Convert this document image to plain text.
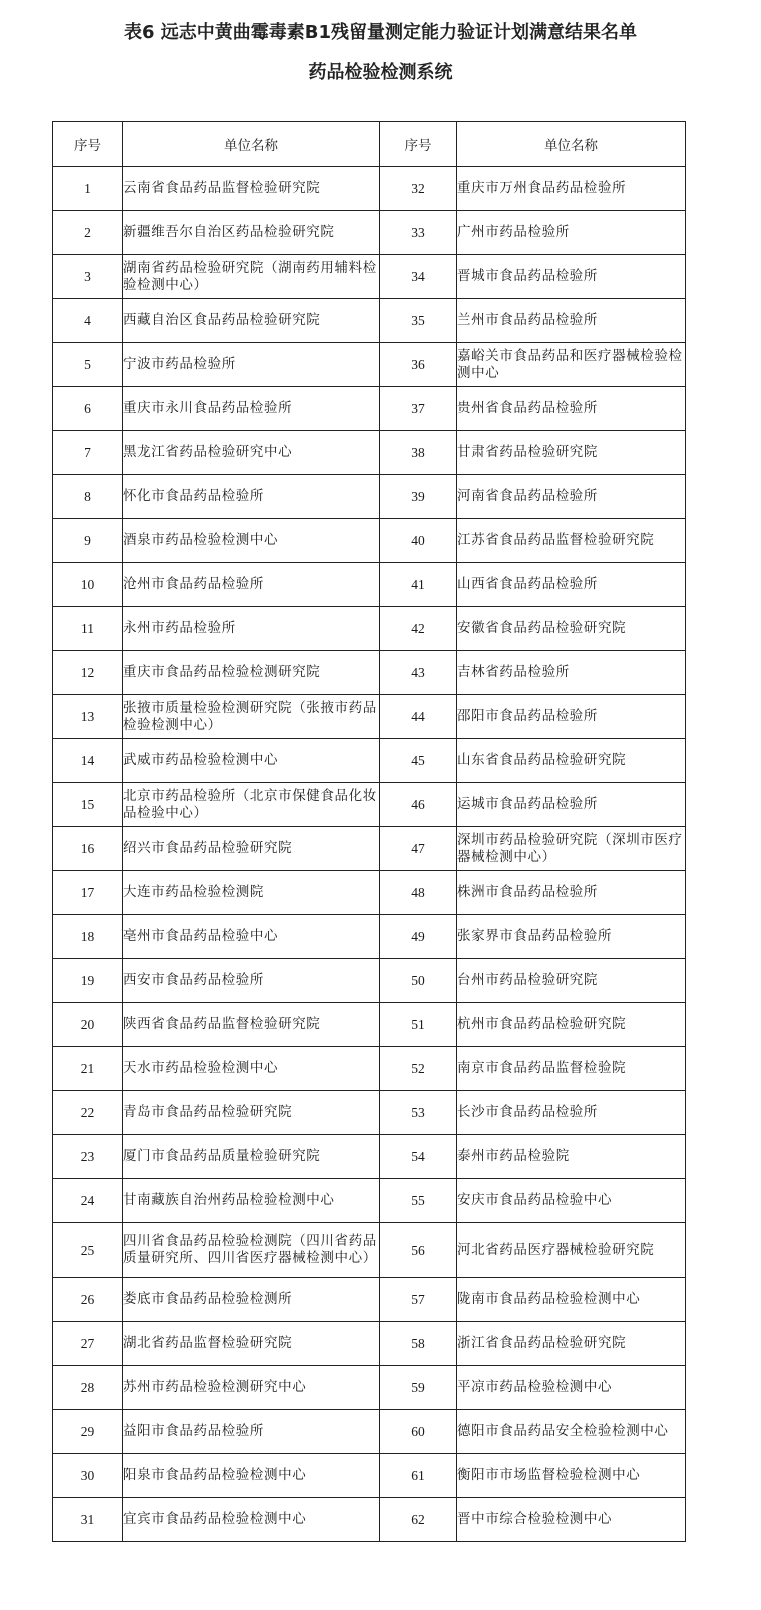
表6 远志中黄曲霉毒素B1残留量测定能力验证计划满意结果名单
药品检验检测系统
序号	单位名称	序号	单位名称
1	云南省食品药品监督检验研究院	32	重庆市万州食品药品检验所
2	新疆维吾尔自治区药品检验研究院	33	广州市药品检验所
3	湖南省药品检验研究院（湖南药用辅料检验检测中心）	34	晋城市食品药品检验所
4	西藏自治区食品药品检验研究院	35	兰州市食品药品检验所
5	宁波市药品检验所	36	嘉峪关市食品药品和医疗器械检验检测中心
6	重庆市永川食品药品检验所	37	贵州省食品药品检验所
7	黑龙江省药品检验研究中心	38	甘肃省药品检验研究院
8	怀化市食品药品检验所	39	河南省食品药品检验所
9	酒泉市药品检验检测中心	40	江苏省食品药品监督检验研究院
10	沧州市食品药品检验所	41	山西省食品药品检验所
11	永州市药品检验所	42	安徽省食品药品检验研究院
12	重庆市食品药品检验检测研究院	43	吉林省药品检验所
13	张掖市质量检验检测研究院（张掖市药品检验检测中心）	44	邵阳市食品药品检验所
14	武威市药品检验检测中心	45	山东省食品药品检验研究院
15	北京市药品检验所（北京市保健食品化妆品检验中心）	46	运城市食品药品检验所
16	绍兴市食品药品检验研究院	47	深圳市药品检验研究院（深圳市医疗器械检测中心）
17	大连市药品检验检测院	48	株洲市食品药品检验所
18	亳州市食品药品检验中心	49	张家界市食品药品检验所
19	西安市食品药品检验所	50	台州市药品检验研究院
20	陕西省食品药品监督检验研究院	51	杭州市食品药品检验研究院
21	天水市药品检验检测中心	52	南京市食品药品监督检验院
22	青岛市食品药品检验研究院	53	长沙市食品药品检验所
23	厦门市食品药品质量检验研究院	54	泰州市药品检验院
24	甘南藏族自治州药品检验检测中心	55	安庆市食品药品检验中心
25	四川省食品药品检验检测院（四川省药品质量研究所、四川省医疗器械检测中心）	56	河北省药品医疗器械检验研究院
26	娄底市食品药品检验检测所	57	陇南市食品药品检验检测中心
27	湖北省药品监督检验研究院	58	浙江省食品药品检验研究院
28	苏州市药品检验检测研究中心	59	平凉市药品检验检测中心
29	益阳市食品药品检验所	60	德阳市食品药品安全检验检测中心
30	阳泉市食品药品检验检测中心	61	衡阳市市场监督检验检测中心
31	宜宾市食品药品检验检测中心	62	晋中市综合检验检测中心
